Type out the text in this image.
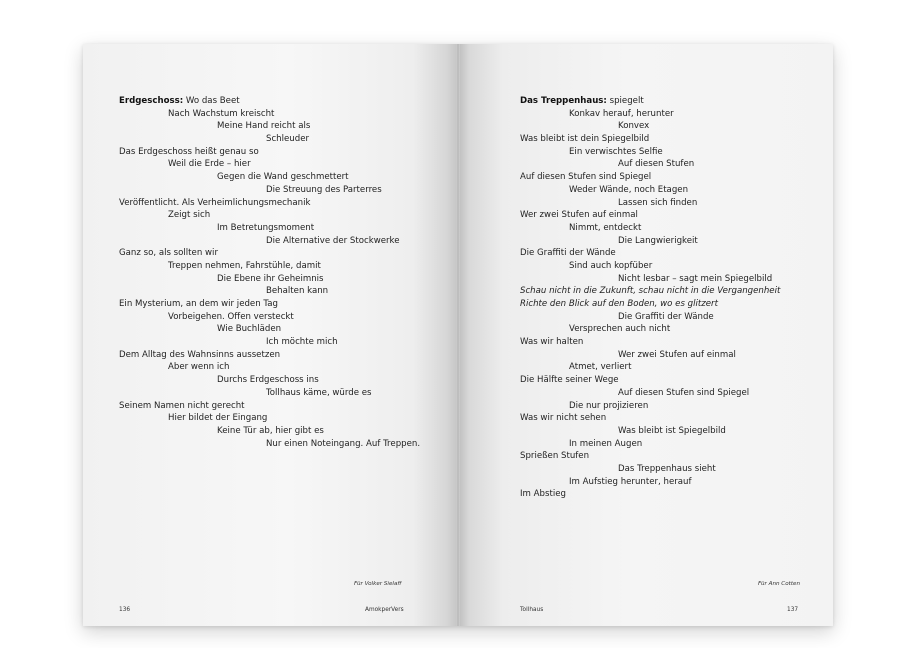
Erdgeschoss: Wo das Beet
Nach Wachstum kreischt
Meine Hand reicht als
Schleuder
Das Erdgeschoss heißt genau so
Weil die Erde – hier
Gegen die Wand geschmettert
Die Streuung des Parterres
Veröffentlicht. Als Verheimlichungsmechanik
Zeigt sich
Im Betretungsmoment
Die Alternative der Stockwerke
Ganz so, als sollten wir
Treppen nehmen, Fahrstühle, damit
Die Ebene ihr Geheimnis
Behalten kann
Ein Mysterium, an dem wir jeden Tag
Vorbeigehen. Offen versteckt
Wie Buchläden
Ich möchte mich
Dem Alltag des Wahnsinns aussetzen
Aber wenn ich
Durchs Erdgeschoss ins
Tollhaus käme, würde es
Seinem Namen nicht gerecht
Hier bildet der Eingang
Keine Tür ab, hier gibt es
Nur einen Noteingang. Auf Treppen.
Für Volker Sielaff
136	AmokperVers
Das Treppenhaus: spiegelt
Konkav herauf, herunter
Konvex
Was bleibt ist dein Spiegelbild
Ein verwischtes Selfie
Auf diesen Stufen
Auf diesen Stufen sind Spiegel
Weder Wände, noch Etagen
Lassen sich finden
Wer zwei Stufen auf einmal
Nimmt, entdeckt
Die Langwierigkeit
Die Graffiti der Wände
Sind auch kopfüber
Nicht lesbar – sagt mein Spiegelbild
Schau nicht in die Zukunft, schau nicht in die Vergangenheit
Richte den Blick auf den Boden, wo es glitzert
Die Graffiti der Wände
Versprechen auch nicht
Was wir halten
Wer zwei Stufen auf einmal
Atmet, verliert
Die Hälfte seiner Wege
Auf diesen Stufen sind Spiegel
Die nur projizieren
Was wir nicht sehen
Was bleibt ist Spiegelbild
In meinen Augen
Sprießen Stufen
Das Treppenhaus sieht
Im Aufstieg herunter, herauf
Im Abstieg
Für Ann Cotten
Tollhaus	137
